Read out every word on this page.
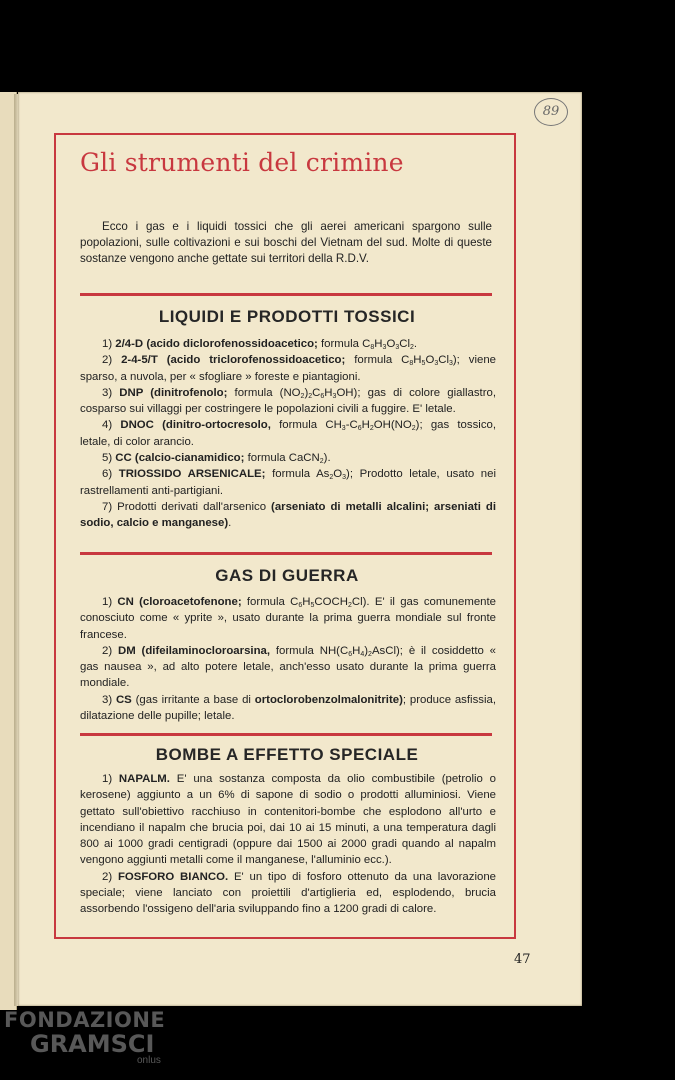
89
Gli strumenti del crimine

Ecco i gas e i liquidi tossici che gli aerei americani spargono sulle popolazioni, sulle coltivazioni e sui boschi del Vietnam del sud. Molte di queste sostanze vengono anche gettate sui territori della R.D.V.

LIQUIDI E PRODOTTI TOSSICI

1) 2/4-D (acido diclorofenossidoacetico; formula $C_8H_3O_3Cl_2$.

2) 2-4-5/T (acido triclorofenossidoacetico; formula $C_8H_5O_3Cl_3$); viene sparso, a nuvola, per « sfogliare » foreste e piantagioni.

3) DNP (dinitrofenolo; formula $(NO_2)_2C_6H_3OH$); gas di colore giallastro, cosparso sui villaggi per costringere le popolazioni civili a fuggire. E' letale.

4) DNOC (dinitro-ortocresolo, formula $CH_3-C_6H_2OH(NO_2)$; gas tossico, letale, di color arancio.

5) CC (calcio-cianamidico; formula CaCN$_2$).

6) TRIOSSIDO ARSENICALE; formula $As_2O_3$); Prodotto letale, usato nei rastrellamenti anti-partigiani.

7) Prodotti derivati dall'arsenico (arseniato di metalli alcalini; arseniati di sodio, calcio e manganese).

GAS DI GUERRA

1) CN (cloroacetofenone; formula $C_6H_5COCH_2Cl$). E' il gas comunemente conosciuto come « yprite », usato durante la prima guerra mondiale sul fronte francese.

2) DM (difeilaminocloroarsina, formula $NH(C_6H_4)_2AsCl$); è il cosiddetto « gas nausea », ad alto potere letale, anch'esso usato durante la prima guerra mondiale.

3) CS (gas irritante a base di ortoclorobenzolmalonitrite); produce asfissia, dilatazione delle pupille; letale.

BOMBE A EFFETTO SPECIALE

1) NAPALM. E' una sostanza composta da olio combustibile (petrolio o kerosene) aggiunto a un 6% di sapone di sodio o prodotti alluminiosi. Viene gettato sull'obiettivo racchiuso in contenitori-bombe che esplodono all'urto e incendiano il napalm che brucia poi, dai 10 ai 15 minuti, a una temperatura dagli 800 ai 1000 gradi centigradi (oppure dai 1500 ai 2000 gradi quando al napalm vengono aggiunti metalli come il manganese, l'alluminio ecc.).

2) FOSFORO BIANCO. E' un tipo di fosforo ottenuto da una lavorazione speciale; viene lanciato con proiettili d'artiglieria ed, esplodendo, brucia assorbendo l'ossigeno dell'aria sviluppando fino a 1200 gradi di calore.

47
FONDAZIONE
GRAMSCI
onlus
